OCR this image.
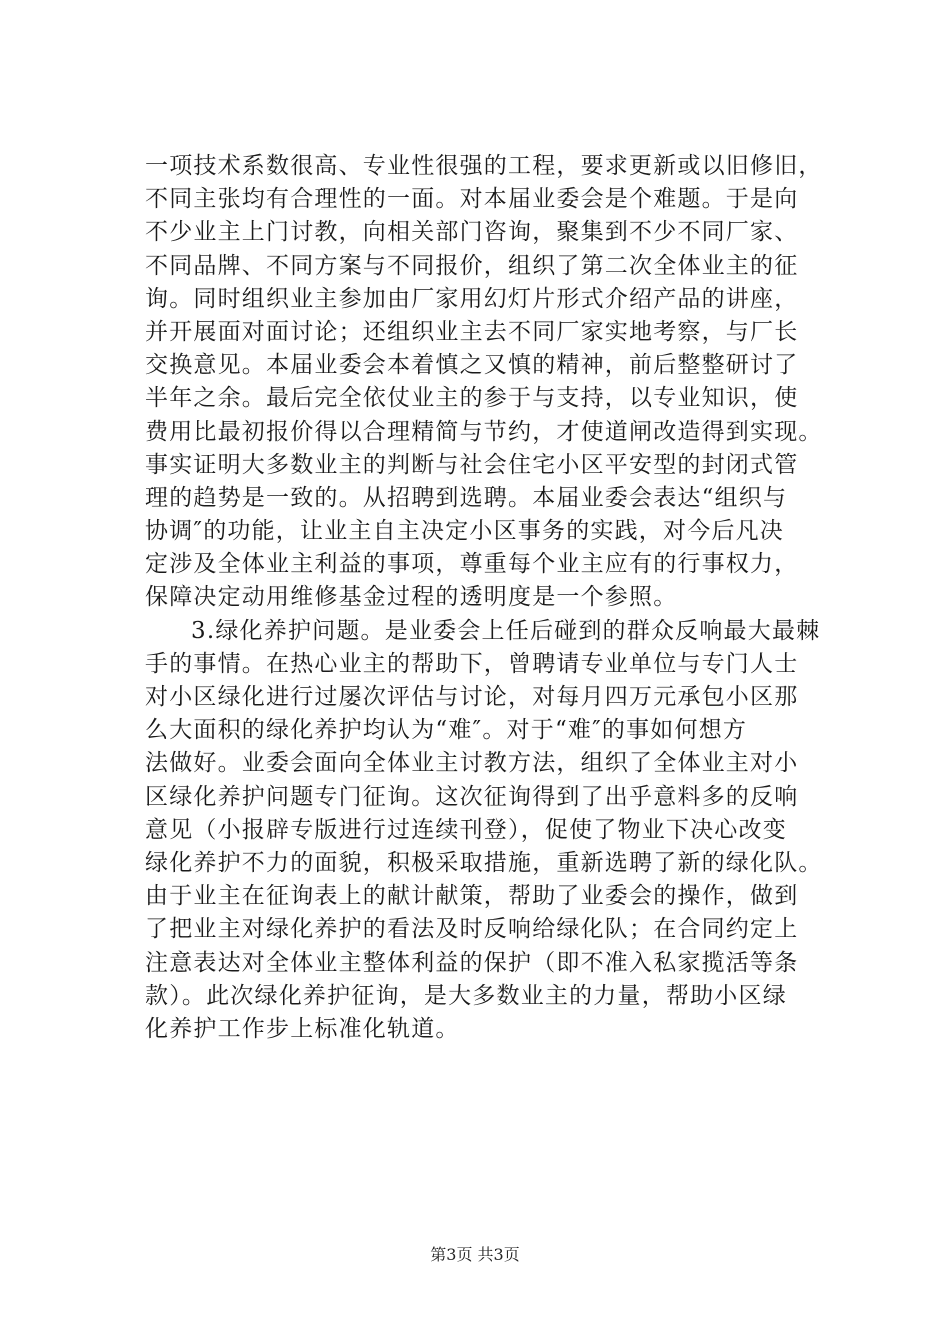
一项技术系数很高、专业性很强的工程，要求更新或以旧修旧，
不同主张均有合理性的一面。对本届业委会是个难题。于是向
不少业主上门讨教，向相关部门咨询，聚集到不少不同厂家、
不同品牌、不同方案与不同报价，组织了第二次全体业主的征
询。同时组织业主参加由厂家用幻灯片形式介绍产品的讲座，
并开展面对面讨论；还组织业主去不同厂家实地考察，与厂长
交换意见。本届业委会本着慎之又慎的精神，前后整整研讨了
半年之余。最后完全依仗业主的参于与支持，以专业知识，使
费用比最初报价得以合理精简与节约，才使道闸改造得到实现。
事实证明大多数业主的判断与社会住宅小区平安型的封闭式管
理的趋势是一致的。从招聘到选聘。本届业委会表达“组织与
协调″的功能，让业主自主决定小区事务的实践，对今后凡决
定涉及全体业主利益的事项，尊重每个业主应有的行事权力，
保障决定动用维修基金过程的透明度是一个参照。
3.绿化养护问题。是业委会上任后碰到的群众反响最大最棘
手的事情。在热心业主的帮助下，曾聘请专业单位与专门人士
对小区绿化进行过屡次评估与讨论，对每月四万元承包小区那
么大面积的绿化养护均认为“难″。对于“难″的事如何想方
法做好。业委会面向全体业主讨教方法，组织了全体业主对小
区绿化养护问题专门征询。这次征询得到了出乎意料多的反响
意见（小报辟专版进行过连续刊登），促使了物业下决心改变
绿化养护不力的面貌，积极采取措施，重新选聘了新的绿化队。
由于业主在征询表上的献计献策，帮助了业委会的操作，做到
了把业主对绿化养护的看法及时反响给绿化队；在合同约定上
注意表达对全体业主整体利益的保护（即不准入私家揽活等条
款）。此次绿化养护征询，是大多数业主的力量，帮助小区绿
化养护工作步上标准化轨道。
第3页 共3页
